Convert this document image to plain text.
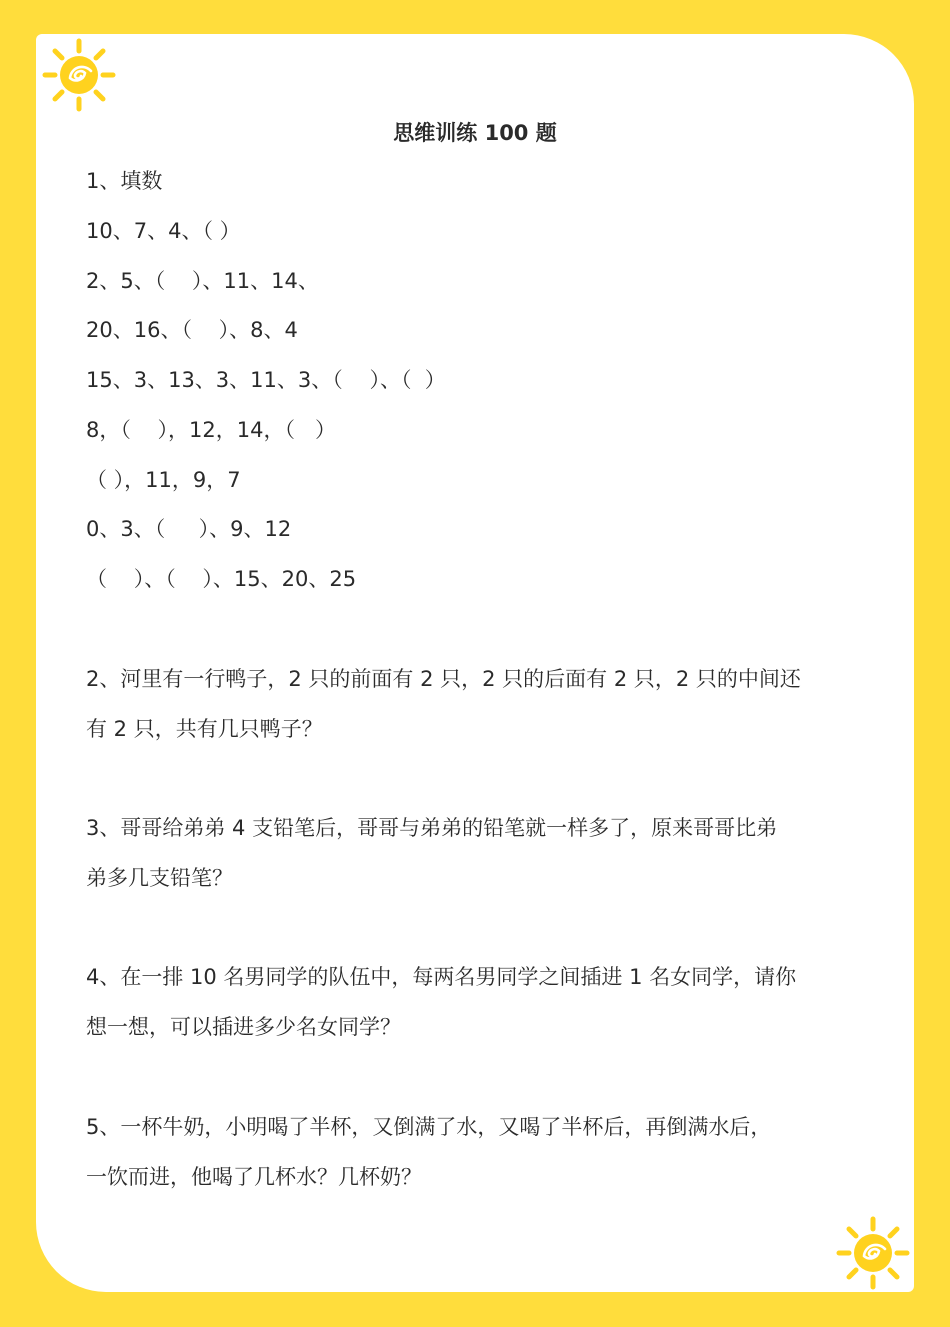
思维训练 100 题
1、填数
10、7、4、（ ）
2、5、（    ）、11、14、
20、16、（    ）、8、4
15、3、13、3、11、3、（    ）、（  ）
8，（    ），12，14，（   ）
（ ），11，9，7
0、3、（     ）、9、12
（    ）、（    ）、15、20、25
2、河里有一行鸭子，2 只的前面有 2 只，2 只的后面有 2 只，2 只的中间还
有 2 只，共有几只鸭子？
3、哥哥给弟弟 4 支铅笔后，哥哥与弟弟的铅笔就一样多了，原来哥哥比弟
弟多几支铅笔？
4、在一排 10 名男同学的队伍中，每两名男同学之间插进 1 名女同学，请你
想一想，可以插进多少名女同学？
5、一杯牛奶，小明喝了半杯，又倒满了水，又喝了半杯后，再倒满水后，
一饮而进，他喝了几杯水？几杯奶？
